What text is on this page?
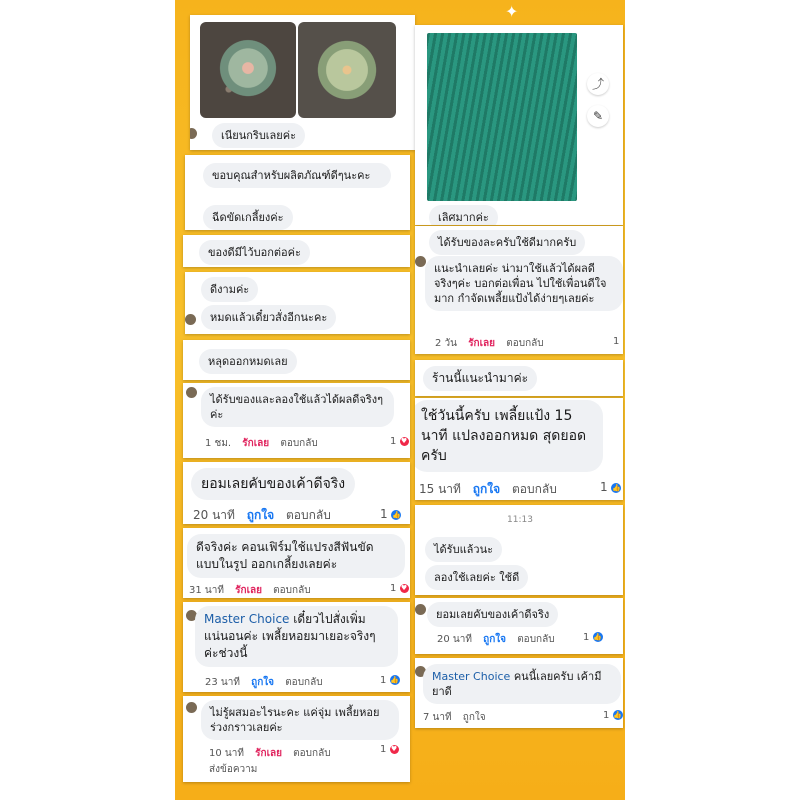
✦
เนียนกริบเลยค่ะ
ขอบคุณสำหรับผลิตภัณฑ์ดีๆนะคะ
ฉีดขัดเกลี้ยงค่ะ
ของดีมีไว้บอกต่อค่ะ
ดีงามค่ะ
หมดแล้วเดี๋ยวสั่งอีกนะคะ
หลุดออกหมดเลย
ได้รับของและลองใช้แล้วได้ผลดีจริงๆค่ะ
1 ชม. รักเลย ตอบกลับ	1 ♥
ยอมเลยคับของเค้าดีจริง
20 นาที ถูกใจ ตอบกลับ	1 👍
ดีจริงค่ะ คอนเฟิร์มใช้แปรงสีฟันขัดแบบในรูป ออกเกลี้ยงเลยค่ะ
31 นาที รักเลย ตอบกลับ	1 ♥
Master Choice เดี๋ยวไปสั่งเพิ่มแน่นอนค่ะ เพลี้ยหอยมาเยอะจริงๆค่ะช่วงนี้
23 นาที ถูกใจ ตอบกลับ	1 👍
ไม่รู้ผสมอะไรนะคะ แค่จุ่ม เพลี้ยหอยร่วงกราวเลยค่ะ
10 นาที รักเลย ตอบกลับ	1 ♥
ส่งข้อความ
⤴
✎
เลิศมากค่ะ
ได้รับของละครับใช้ดีมากครับ
แนะนำเลยค่ะ น่ามาใช้แล้วได้ผลดีจริงๆค่ะ บอกต่อเพื่อน ไปใช้เพื่อนดีใจมาก กำจัดเพลี้ยแป้งได้ง่ายๆเลยค่ะ
2 วัน รักเลย ตอบกลับ	1
ร้านนี้แนะนำมาค่ะ
ใช้วันนี้ครับ เพลี้ยแป้ง 15 นาที แปลงออกหมด สุดยอดครับ
15 นาที ถูกใจ ตอบกลับ	1 👍
11:13
ได้รับแล้วนะ
ลองใช้เลยค่ะ ใช้ดี
ยอมเลยคับของเค้าดีจริง
20 นาที ถูกใจ ตอบกลับ	1 👍
Master Choice คนนี้เลยครับ เค้ามียาดี
7 นาที ถูกใจ	1 👍
